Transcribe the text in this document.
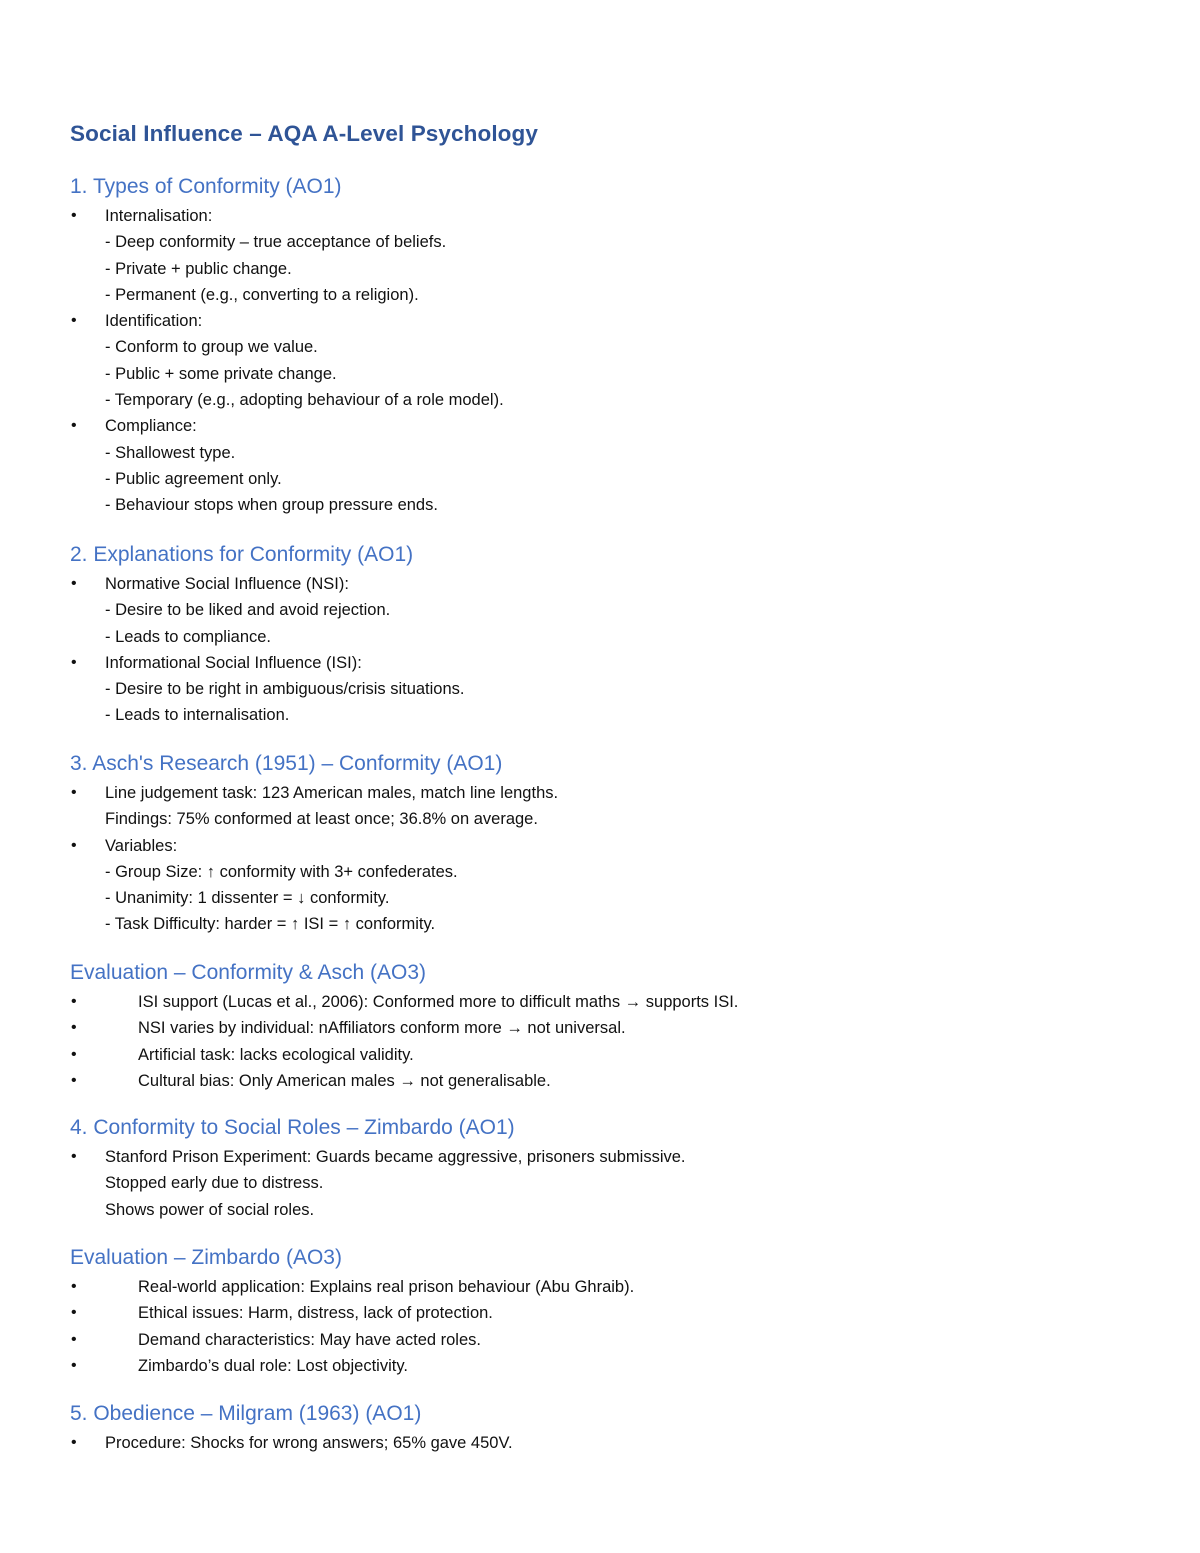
Social Influence – AQA A-Level Psychology
1. Types of Conformity (AO1)
• Internalisation:
- Deep conformity – true acceptance of beliefs.
- Private + public change.
- Permanent (e.g., converting to a religion).
• Identification:
- Conform to group we value.
- Public + some private change.
- Temporary (e.g., adopting behaviour of a role model).
• Compliance:
- Shallowest type.
- Public agreement only.
- Behaviour stops when group pressure ends.
2. Explanations for Conformity (AO1)
• Normative Social Influence (NSI):
- Desire to be liked and avoid rejection.
- Leads to compliance.
• Informational Social Influence (ISI):
- Desire to be right in ambiguous/crisis situations.
- Leads to internalisation.
3. Asch's Research (1951) – Conformity (AO1)
• Line judgement task: 123 American males, match line lengths.
Findings: 75% conformed at least once; 36.8% on average.
• Variables:
- Group Size: ↑ conformity with 3+ confederates.
- Unanimity: 1 dissenter = ↓ conformity.
- Task Difficulty: harder = ↑ ISI = ↑ conformity.
Evaluation – Conformity & Asch (AO3)
•	ISI support (Lucas et al., 2006): Conformed more to difficult maths → supports ISI.
•	NSI varies by individual: nAffiliators conform more → not universal.
•	Artificial task: lacks ecological validity.
•	Cultural bias: Only American males → not generalisable.
4. Conformity to Social Roles – Zimbardo (AO1)
• Stanford Prison Experiment: Guards became aggressive, prisoners submissive.
Stopped early due to distress.
Shows power of social roles.
Evaluation – Zimbardo (AO3)
•	Real-world application: Explains real prison behaviour (Abu Ghraib).
•	Ethical issues: Harm, distress, lack of protection.
•	Demand characteristics: May have acted roles.
•	Zimbardo’s dual role: Lost objectivity.
5. Obedience – Milgram (1963) (AO1)
• Procedure: Shocks for wrong answers; 65% gave 450V.
